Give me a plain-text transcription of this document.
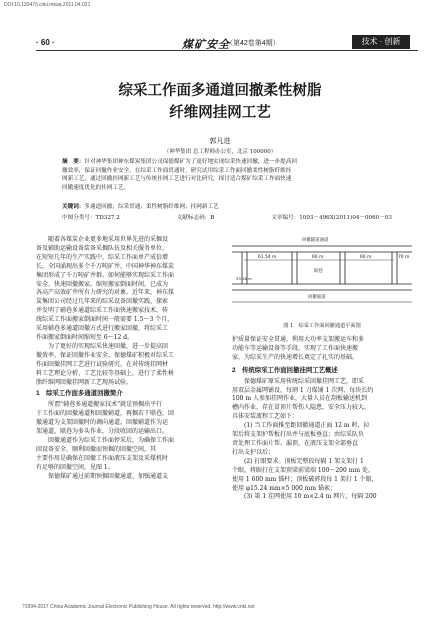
DOI:10.13347/j.cnki.mkaq.2011.04.021
· 60 ·	煤矿安全
（第42卷第4期）	技术 · 创新
综采工作面多通道回撤柔性树脂
纤维网挂网工艺
郭凡进
（神华集团 总工程师办公室，北京 100000）
摘　要：针对神华集团神东煤炭集团公司保德煤矿为了更好地实现综采快速回撤，进一步提高回
撤效率，保证回撤作业安全，在综采工作面贯通时，研究试用综采工作面回撤柔性树脂纤维挂
网新工艺。通过回撤挂网新工艺与传统挂网工艺进行对比研究，探讨适合煤矿综采工作面快速
回撤速度优化的挂网工艺。
关键词：多通道回撤；综采贯通；柔性树脂纤维网；挂网新工艺
中图分类号：TD327.2	文献标志码：B	文章编号：1003－496X(2011)04－0060－03
随着各煤炭企业更多地采用世界先进的采掘设
备及辅助运输设备装备采掘队伍及相关服务单位，
在短短几年的生产实践中，综采工作面单产成倍增
长，全国涌现出多个千万吨矿井，中国神华神东煤炭
集团形成了千万吨矿井群。如何能够实现综采工作面
安全、快速回撤搬家，缩短搬家倒面时间，已成为
各高产高效矿井所有力研究的对象。近年来，神东煤
炭集团公司经过几年来的综采设备回撤实践，探索
并发明了辅巷多通道综采工作面快速搬家技术，传
统综采工作面搬家倒面时间一般需要 1.5～3 个月，
采用辅巷多通道回撤方式进行搬家回撤，将综采工
作面搬家倒面时间缩短至 6～12 d。
为了更好的实现综采快速回撤，进一步提高回
撤效率，保证回撤作业安全，保德煤矿积极对综采工
作面回撤挂网工艺进行试验研究，在对传统挂网材
料工艺理论分析、工艺比较等基础上，进行了柔性树
脂纤维网回撤挂网新工艺现场试验。
1　综采工作面多通道回撤简介
所谓“辅巷多通道搬家技术”就是预掘出平行
于工作面的回撤通道和回撤辅道，再掘若干联巷，回
撤通道为支架回撤时的调向通道，回撤辅道作为运
架通道，联巷为多头作业，分段收回的运输出口。
回撤通道作为综采工作面停采后，为确保工作面
回设备安全、顺利回撤而预掘的回撤空间，其
主要作用是确保在回撤工作面液压支架及采煤机时
有足够的回撤空间，见图 1。
保德煤矿通过前期预掘回撤通道、加强通道支
回撤辅道通道
61.54 m	60 m	60 m	70 m
联巷
33.18 m
回撤通道
图 1　综采工作面回撤通道平面图
护质量保证安全贯通，利用大功率支架搬运车和多
功能车等运输设备等手段，实现了工作面快速搬
家，为综采生产的快速增长奠定了扎实的基础。
2　传统综采工作面回撤挂网工艺概述
保德煤矿原采用传统综采回撤挂网工艺，即采
用双层金属网铺设，每割 1 刀煤铺 1 次网，每块长约
100 m 人参加挂网作业，大量人员在刮板输送机到
槽内作业，存在冒顶片帮伤人隐患，安全压力较大。
具体安装流程工艺如下：
(1) 当工作面推至距回撤通道正面 12 m 时，拉
架后将支架护帮板打出并与底板垂直；由综采队负
责处理工作面片帮、漏顶，在液压支架全部垂直
打出支护以后；
(2) 打眼要求。顶板完整段每隔 1 架支架打 1
个眼，将眼打在支架顶梁前梁端 100～200 mm 处，
使用 1 600 mm 锚杆；顶板破碎段每 1 架打 1 个眼，
使用 φ15.24 mm×5 000 mm 锚索；
(3) 第 1 茬网使用 10 m×2.4 m 网片，每隔 200
?1994-2017 China Academic Journal Electronic Publishing House. All rights reserved. http://www.cnki.net
